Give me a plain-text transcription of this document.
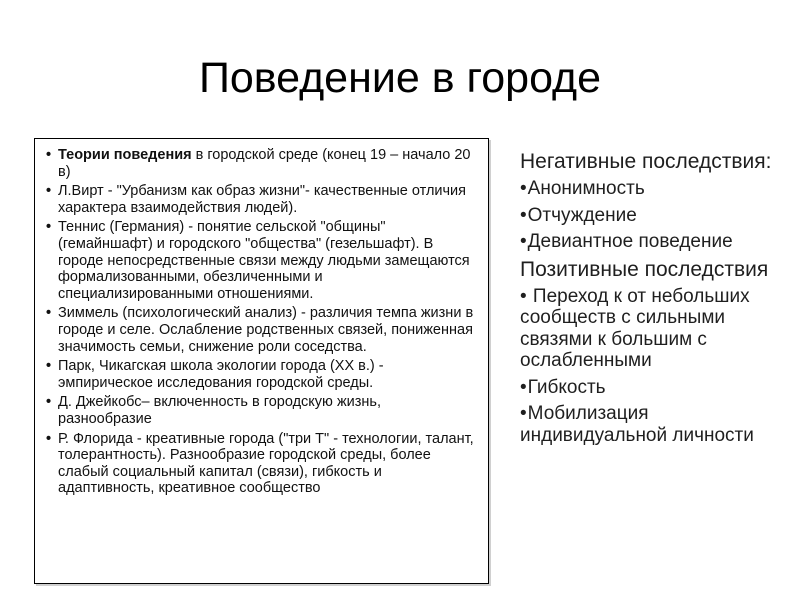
Поведение в городе
• Теории поведения в городской среде (конец 19 – начало 20 в)
• Л.Вирт - "Урбанизм как образ жизни"- качественные отличия характера взаимодействия людей).
• Теннис (Германия) - понятие сельской "общины" (гемайншафт) и городского "общества" (гезельшафт). В городе непосредственные связи между людьми замещаются формализованными, обезличенными и специализированными отношениями.
• Зиммель (психологический анализ) - различия темпа жизни в городе и селе. Ослабление родственных связей, пониженная значимость семьи, снижение роли соседства.
• Парк, Чикагская школа экологии города (XX в.) - эмпирическое исследования городской среды.
• Д. Джейкобс– включенность в городскую жизнь, разнообразие
• Р. Флорида - креативные города ("три Т" - технологии, талант, толерантность). Разнообразие городской среды, более слабый социальный капитал (связи), гибкость и адаптивность, креативное сообщество
Негативные последствия:
•Анонимность
•Отчуждение
•Девиантное поведение
Позитивные последствия
• Переход к от небольших сообществ с сильными связями к большим с ослабленными
•Гибкость
•Мобилизация индивидуальной личности
